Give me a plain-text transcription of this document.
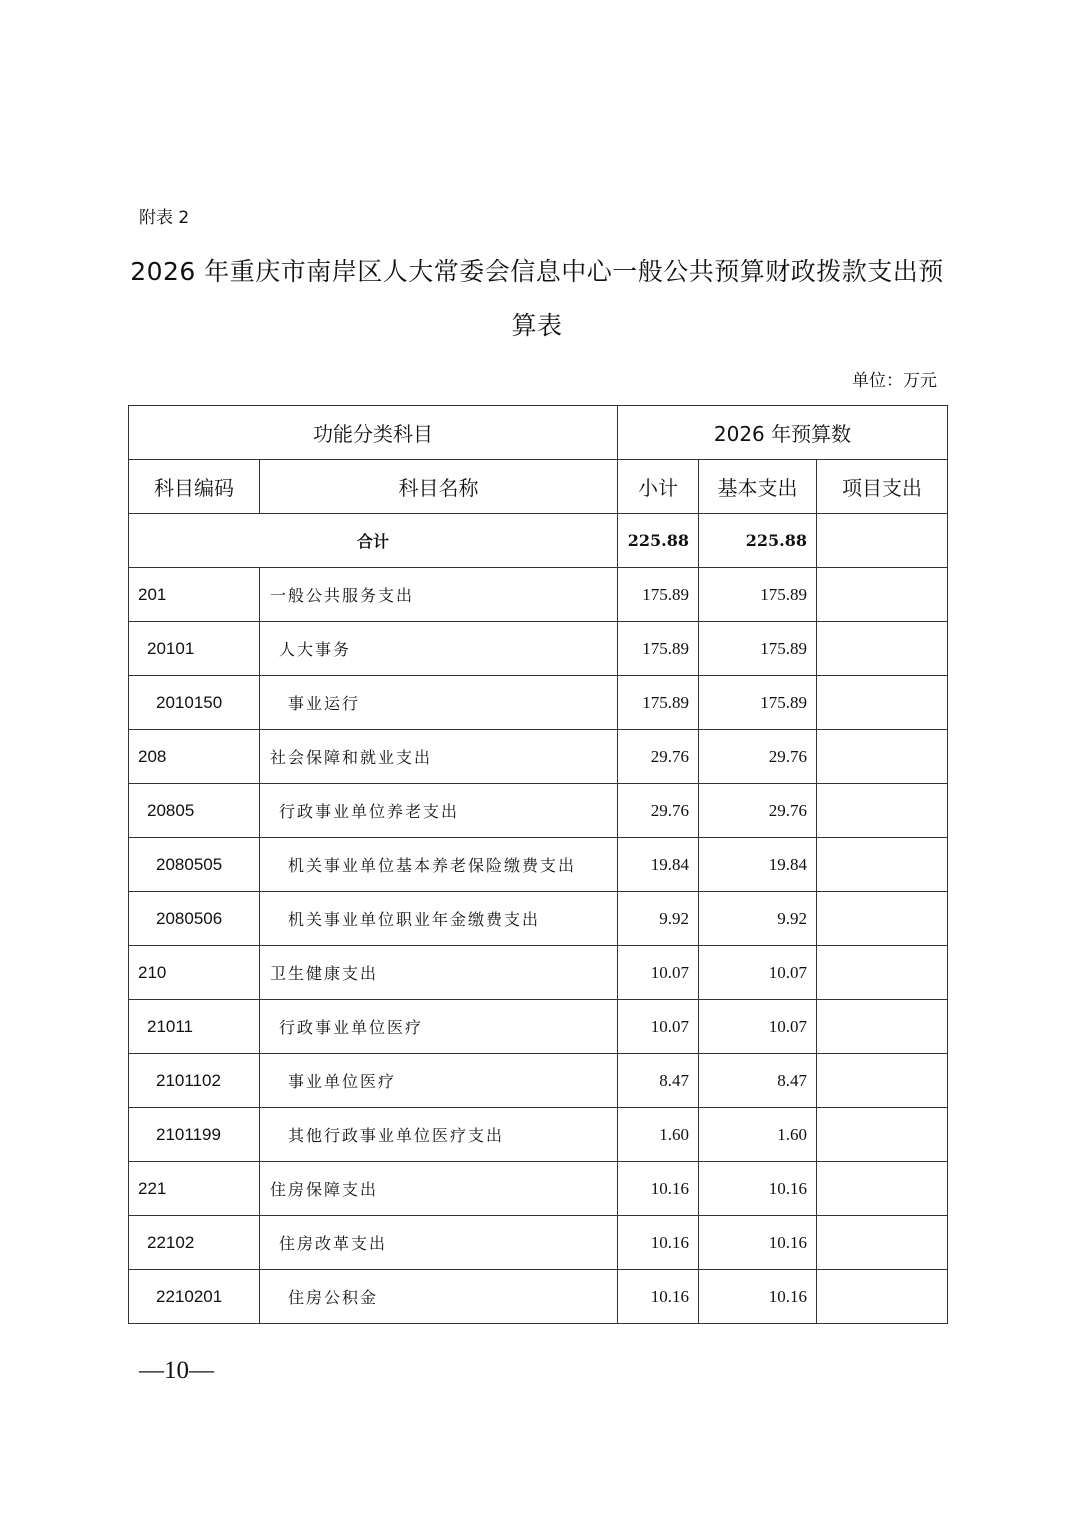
附表 2
2026 年重庆市南岸区人大常委会信息中心一般公共预算财政拨款支出预
算表
单位：万元
功能分类科目		2026 年预算数		
科目编码	科目名称	小计	基本支出	项目支出
合计		225.88	225.88	
201	一般公共服务支出	175.89	175.89	
20101	人大事务	175.89	175.89	
2010150	事业运行	175.89	175.89	
208	社会保障和就业支出	29.76	29.76	
20805	行政事业单位养老支出	29.76	29.76	
2080505	机关事业单位基本养老保险缴费支出	19.84	19.84	
2080506	机关事业单位职业年金缴费支出	9.92	9.92	
210	卫生健康支出	10.07	10.07	
21011	行政事业单位医疗	10.07	10.07	
2101102	事业单位医疗	8.47	8.47	
2101199	其他行政事业单位医疗支出	1.60	1.60	
221	住房保障支出	10.16	10.16	
22102	住房改革支出	10.16	10.16	
2210201	住房公积金	10.16	10.16	
—10—
